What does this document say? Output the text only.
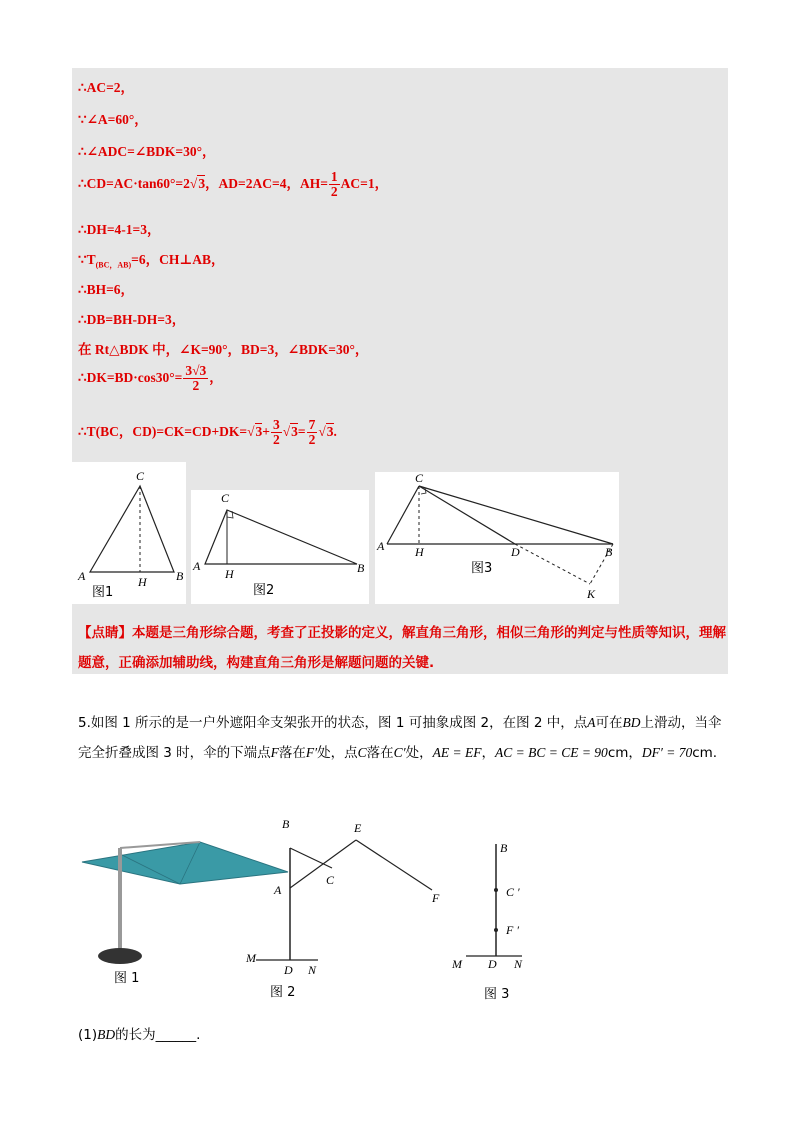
∴AC=2，
∵∠A=60°，
∴∠ADC=∠BDK=30°，
∴CD=AC·tan60°=2√3，AD=2AC=4，$AH= \frac{1}{2} AC=1$，
∴DH=4-1=3，
$\because T_{(BC,AB)}=6$，CH⊥AB，
∴BH=6，
∴DB=BH-DH=3，
在 Rt△BDK 中，∠K=90°，BD=3，∠BDK=30°，
∴DK=BD·cos30°= $\frac{3√3}{2}$ ，
∴T(BC，$CD)=CK=CD+DK=√3+ \frac{3}{2} √3= \frac{7}{2} √3$.
C
A	H B
图1
C
A
H	B
图2
C
A	H	D	B
K
图3
【点睛】本题是三角形综合题，考查了正投影的定义，解直角三角形，相似三角形的判定与性质等知识，理解题意，正确添加辅助线，构建直角三角形是解题问题的关键.
5.如图 1 所示的是一户外遮阳伞支架张开的状态，图 1 可抽象成图 2，在图 2 中，点A可在BD上滑动，当伞完全折叠成图 3 时，伞的下端点F落在F′处，点C落在C′处，AE = EF，AC = BC = CE = 90cm，DF′ = 70cm.
图 1
B	E
A
C
F
M
D N
图 2
B
C ′
F ′
M D N
图 3
(1)BD的长为______.
